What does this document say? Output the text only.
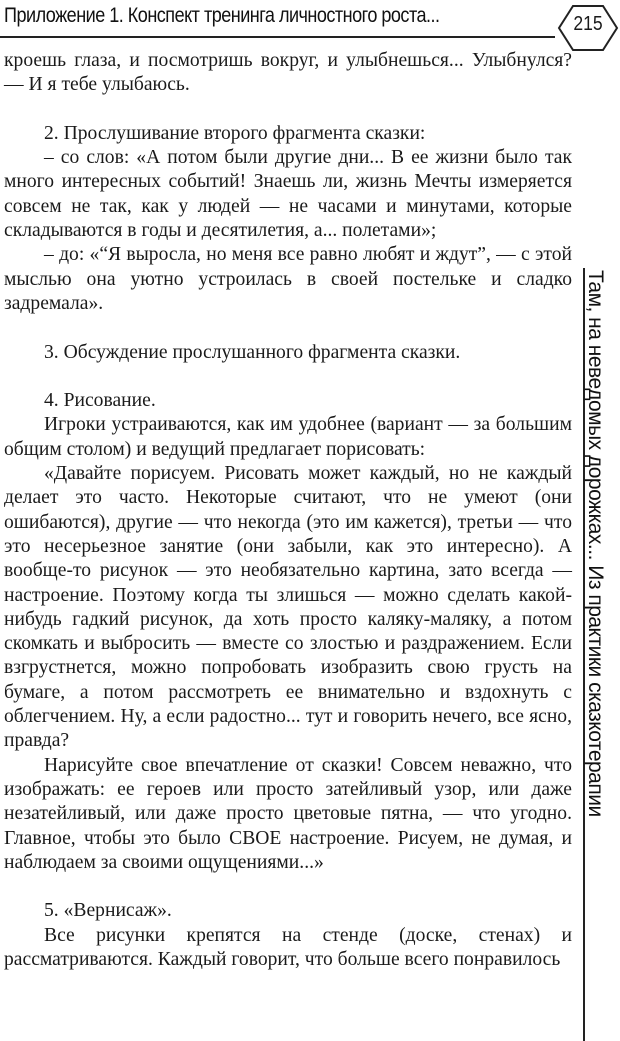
Приложение 1. Конспект тренинга личностного роста...	215

кроешь глаза, и посмотришь вокруг, и улыбнешься... Улыбнулся? — И я тебе улыбаюсь.

2. Прослушивание второго фрагмента сказки:

– со слов: «А потом были другие дни... В ее жизни было так много интересных событий! Знаешь ли, жизнь Мечты измеряется совсем не так, как у людей — не часами и минутами, которые складываются в годы и десятилетия, а... полетами»;

– до: «“Я выросла, но меня все равно любят и ждут”, — с этой мыслью она уютно устроилась в своей постельке и сладко задремала».

3. Обсуждение прослушанного фрагмента сказки.

4. Рисование.

Игроки устраиваются, как им удобнее (вариант — за большим общим столом) и ведущий предлагает порисовать:

«Давайте порисуем. Рисовать может каждый, но не каждый делает это часто. Некоторые считают, что не умеют (они ошибаются), другие — что некогда (это им кажется), третьи — что это несерьезное занятие (они забыли, как это интересно). А вообще-то рисунок — это необязательно картина, зато всегда — настроение. Поэтому когда ты злишься — можно сделать какой-нибудь гадкий рисунок, да хоть просто каляку-маляку, а потом скомкать и выбросить — вместе со злостью и раздражением. Если взгрустнется, можно попробовать изобразить свою грусть на бумаге, а потом рассмотреть ее внимательно и вздохнуть с облегчением. Ну, а если радостно... тут и говорить нечего, все ясно, правда?

Нарисуйте свое впечатление от сказки! Совсем неважно, что изображать: ее героев или просто затейливый узор, или даже незатейливый, или даже просто цветовые пятна, — что угодно. Главное, чтобы это было СВОЕ настроение. Рисуем, не думая, и наблюдаем за своими ощущениями...»

5. «Вернисаж».

Все рисунки крепятся на стенде (доске, стенах) и рассматриваются. Каждый говорит, что больше всего понравилось

Там, на неведомых дорожках... Из практики сказкотерапии
